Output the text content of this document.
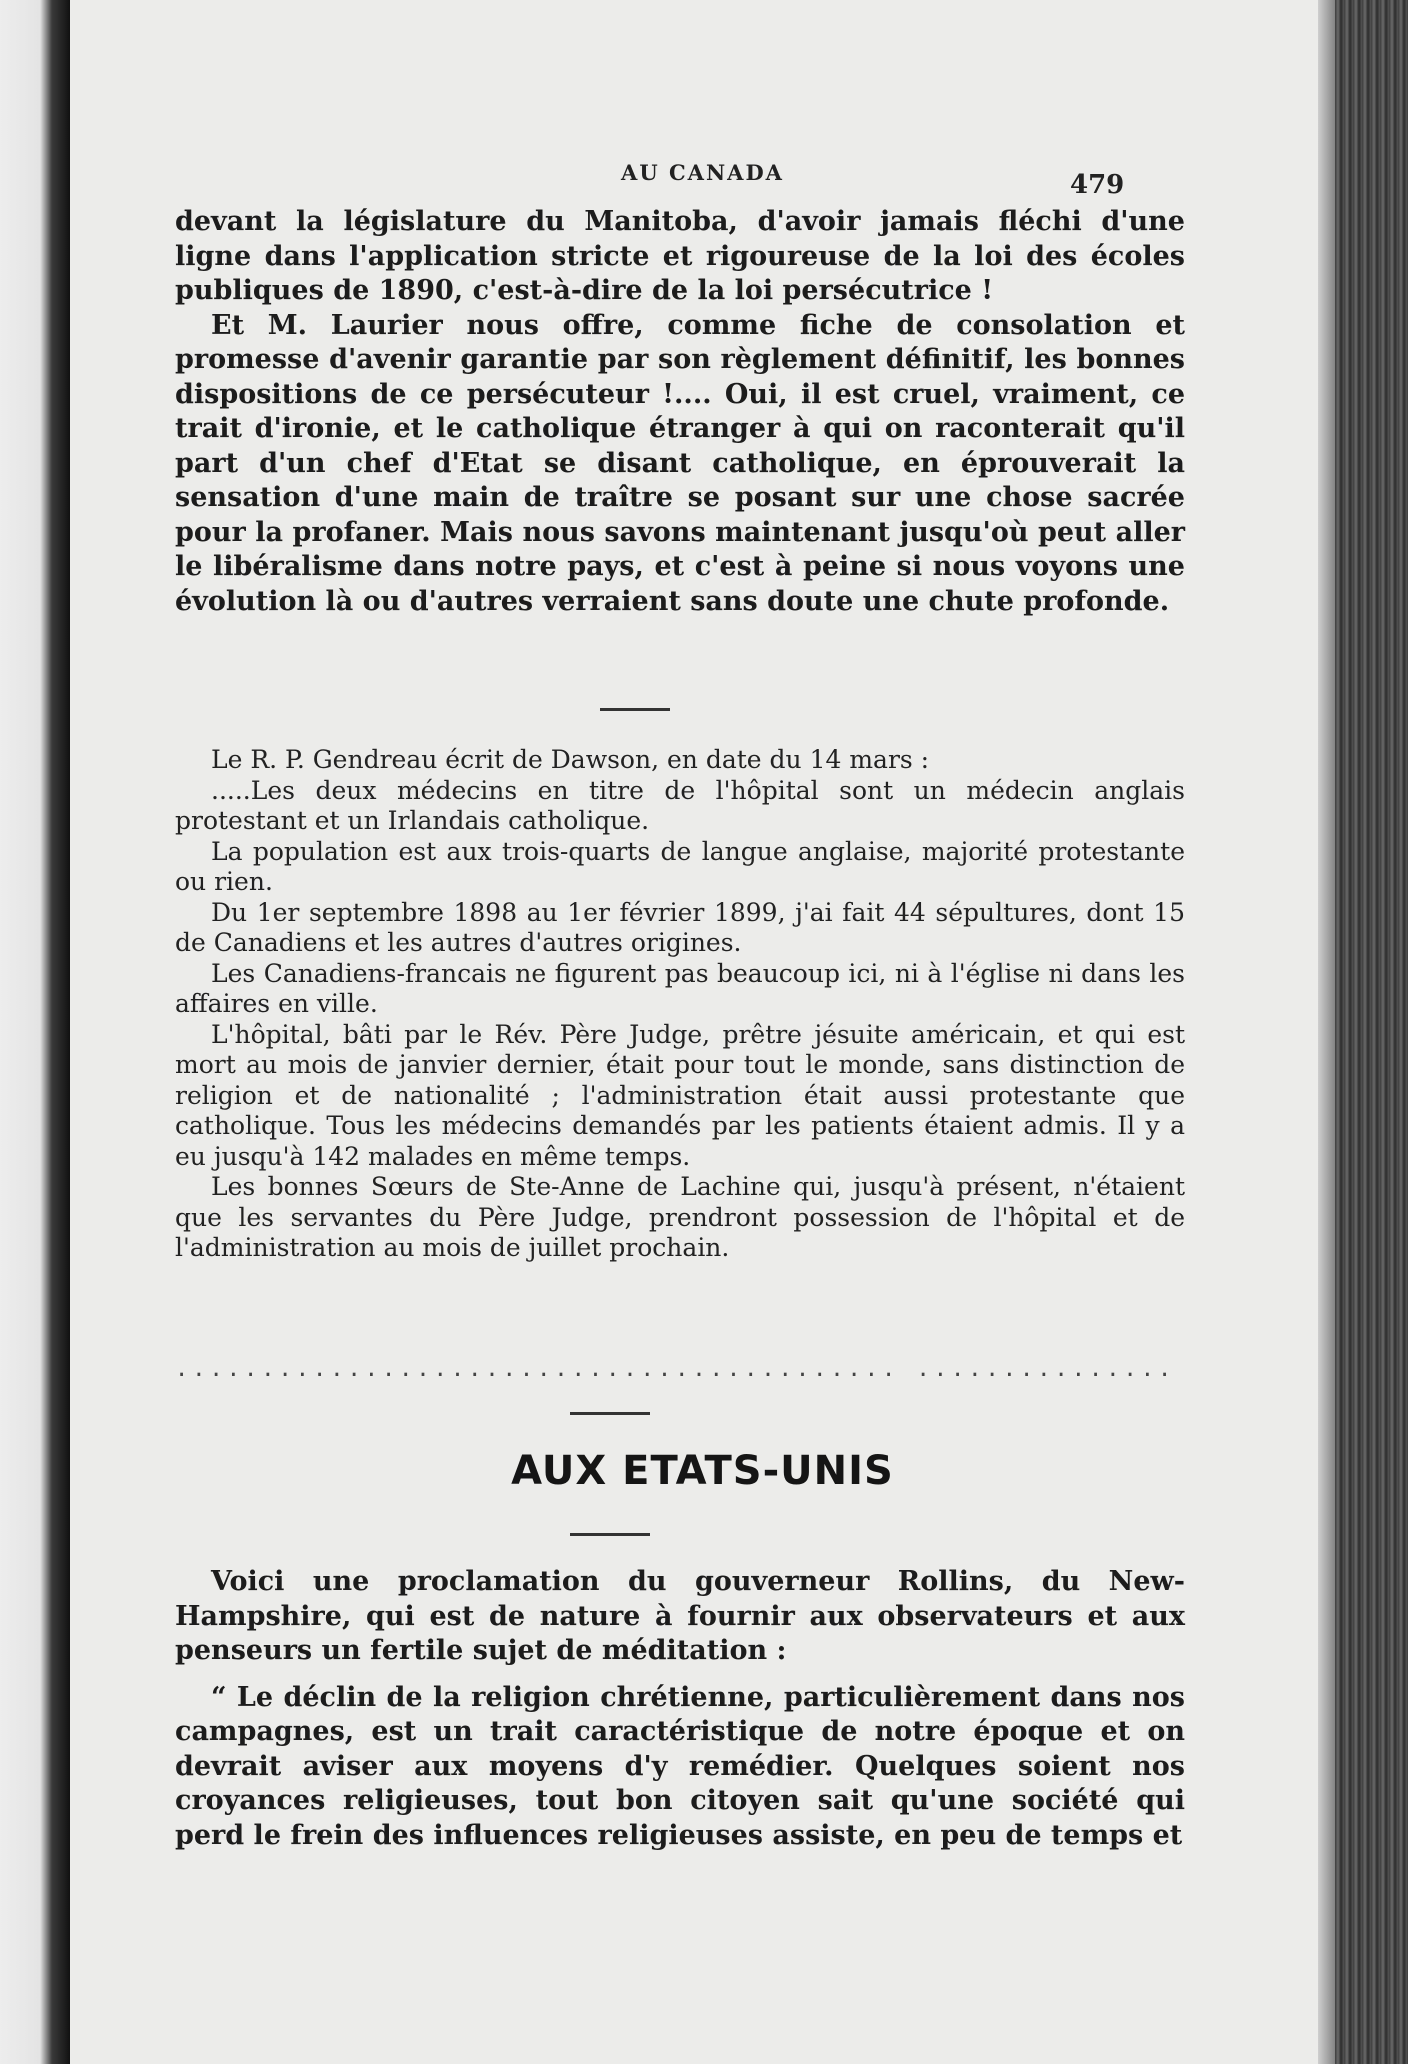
AU CANADA	479

devant la législature du Manitoba, d'avoir jamais fléchi d'une ligne dans l'application stricte et rigoureuse de la loi des écoles publiques de 1890, c'est-à-dire de la loi persécutrice !

Et M. Laurier nous offre, comme fiche de consolation et promesse d'avenir garantie par son règlement définitif, les bonnes dispositions de ce persécuteur !.... Oui, il est cruel, vraiment, ce trait d'ironie, et le catholique étranger à qui on raconterait qu'il part d'un chef d'Etat se disant catholique, en éprouverait la sensation d'une main de traître se posant sur une chose sacrée pour la profaner. Mais nous savons maintenant jusqu'où peut aller le libéralisme dans notre pays, et c'est à peine si nous voyons une évolution là ou d'autres verraient sans doute une chute profonde.

Le R. P. Gendreau écrit de Dawson, en date du 14 mars :

.....Les deux médecins en titre de l'hôpital sont un médecin anglais protestant et un Irlandais catholique.

La population est aux trois-quarts de langue anglaise, majorité protestante ou rien.

Du 1er septembre 1898 au 1er février 1899, j'ai fait 44 sépultures, dont 15 de Canadiens et les autres d'autres origines.

Les Canadiens-francais ne figurent pas beaucoup ici, ni à l'église ni dans les affaires en ville.

L'hôpital, bâti par le Rév. Père Judge, prêtre jésuite américain, et qui est mort au mois de janvier dernier, était pour tout le monde, sans distinction de religion et de nationalité ; l'administration était aussi protestante que catholique. Tous les médecins demandés par les patients étaient admis. Il y a eu jusqu'à 142 malades en même temps.

Les bonnes Sœurs de Ste-Anne de Lachine qui, jusqu'à présent, n'étaient que les servantes du Père Judge, prendront possession de l'hôpital et de l'administration au mois de juillet prochain.

.......................................... ...............
AUX ETATS-UNIS

Voici une proclamation du gouverneur Rollins, du New-Hampshire, qui est de nature à fournir aux observateurs et aux penseurs un fertile sujet de méditation :

“ Le déclin de la religion chrétienne, particulièrement dans nos campagnes, est un trait caractéristique de notre époque et on devrait aviser aux moyens d'y remédier. Quelques soient nos croyances religieuses, tout bon citoyen sait qu'une société qui perd le frein des influences religieuses assiste, en peu de temps et
